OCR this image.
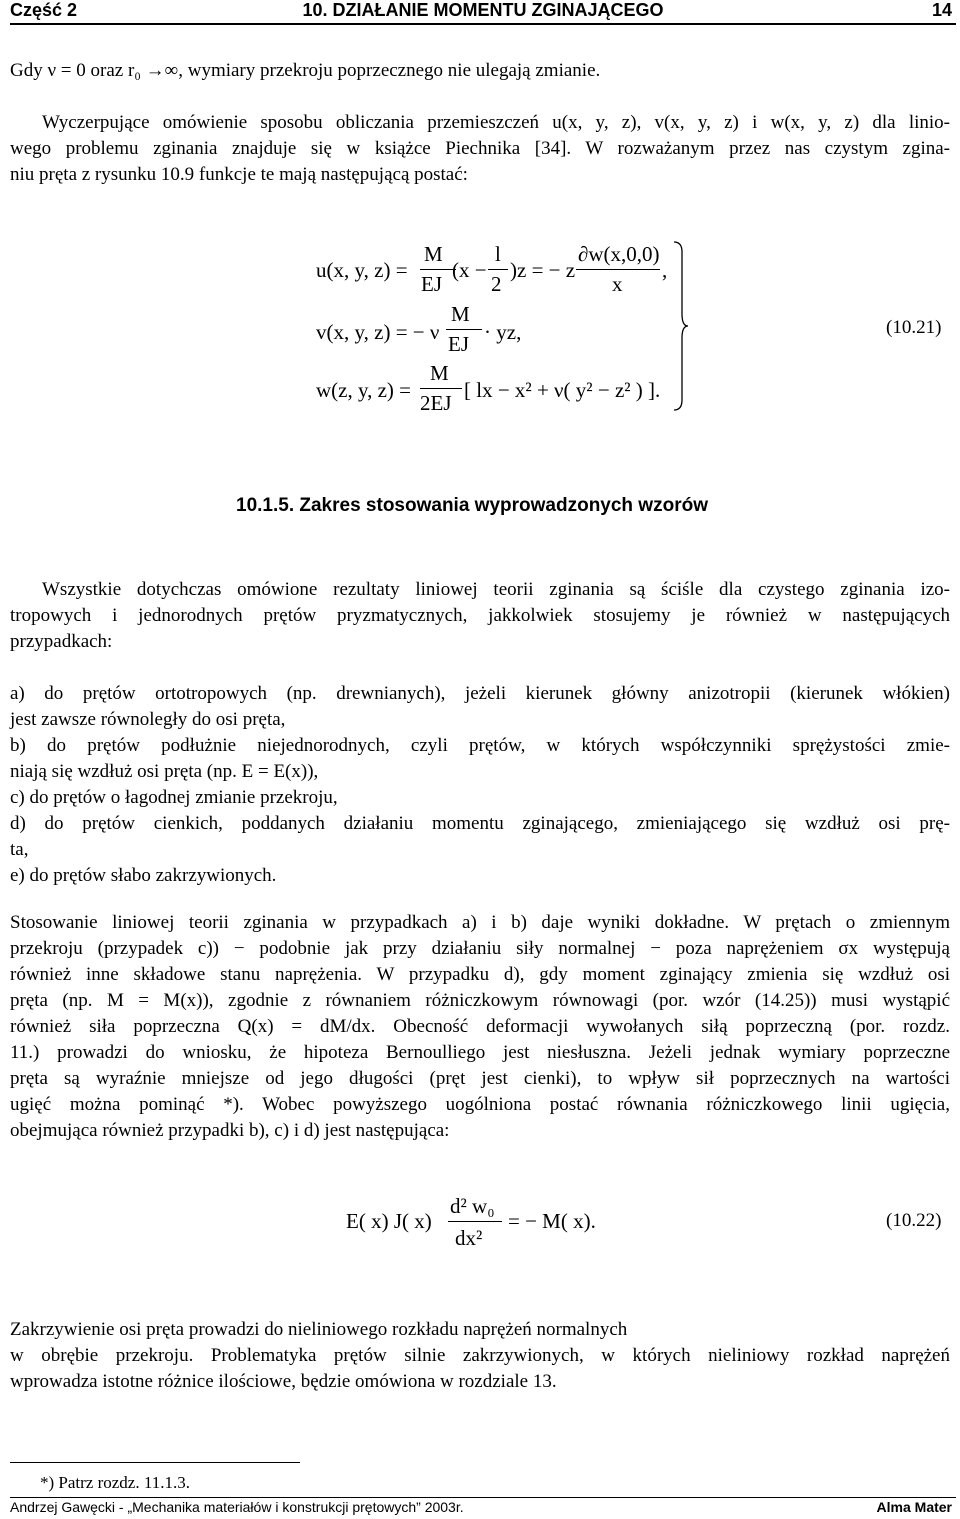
Część 2	10. DZIAŁANIE MOMENTU ZGINAJĄCEGO	14
Gdy ν = 0 oraz r₀ →∞, wymiary przekroju poprzecznego nie ulegają zmianie.
Wyczerpujące omówienie sposobu obliczania przemieszczeń u(x, y, z), v(x, y, z) i w(x, y, z) dla linio-
wego problemu zginania znajduje się w książce Piechnika [34]. W rozważanym przez nas czystym zgina-
niu pręta z rysunku 10.9 funkcje te mają następującą postać:
u(x, y, z) =
M
EJ
(x −
l
2
)z = − z
∂w(x,0,0)
x
,
v(x, y, z) = − ν
M
EJ · yz,
w(z, y, z) =
M
2EJ
[ lx − x² + ν( y² − z² ) ].
(10.21)
10.1.5. Zakres stosowania wyprowadzonych wzorów
Wszystkie dotychczas omówione rezultaty liniowej teorii zginania są ściśle dla czystego zginania izo-
tropowych i jednorodnych prętów pryzmatycznych, jakkolwiek stosujemy je również w następujących
przypadkach:
a) do prętów ortotropowych (np. drewnianych), jeżeli kierunek główny anizotropii (kierunek włókien)
jest zawsze równoległy do osi pręta,
b) do prętów podłużnie niejednorodnych, czyli prętów, w których współczynniki sprężystości zmie-
niają się wzdłuż osi pręta (np. E = E(x)),
c) do prętów o łagodnej zmianie przekroju,
d) do prętów cienkich, poddanych działaniu momentu zginającego, zmieniającego się wzdłuż osi prę-
ta,
e) do prętów słabo zakrzywionych.
Stosowanie liniowej teorii zginania w przypadkach a) i b) daje wyniki dokładne. W prętach o zmiennym
przekroju (przypadek c)) − podobnie jak przy działaniu siły normalnej − poza naprężeniem σx występują
również inne składowe stanu naprężenia. W przypadku d), gdy moment zginający zmienia się wzdłuż osi
pręta (np. M = M(x)), zgodnie z równaniem różniczkowym równowagi (por. wzór (14.25)) musi wystąpić
również siła poprzeczna Q(x) = dM/dx. Obecność deformacji wywołanych siłą poprzeczną (por. rozdz.
11.) prowadzi do wniosku, że hipoteza Bernoulliego jest niesłuszna. Jeżeli jednak wymiary poprzeczne
pręta są wyraźnie mniejsze od jego długości (pręt jest cienki), to wpływ sił poprzecznych na wartości
ugięć można pominąć *). Wobec powyższego uogólniona postać równania różniczkowego linii ugięcia,
obejmująca również przypadki b), c) i d) jest następująca:
E( x) J( x)
d² w₀
dx²
= − M( x).	(10.22)
Zakrzywienie osi pręta prowadzi do nieliniowego rozkładu naprężeń normalnych
w obrębie przekroju. Problematyka prętów silnie zakrzywionych, w których nieliniowy rozkład naprężeń
wprowadza istotne różnice ilościowe, będzie omówiona w rozdziale 13.
*) Patrz rozdz. 11.1.3.
Andrzej Gawęcki - „Mechanika materiałów i konstrukcji prętowych” 2003r.	Alma Mater
